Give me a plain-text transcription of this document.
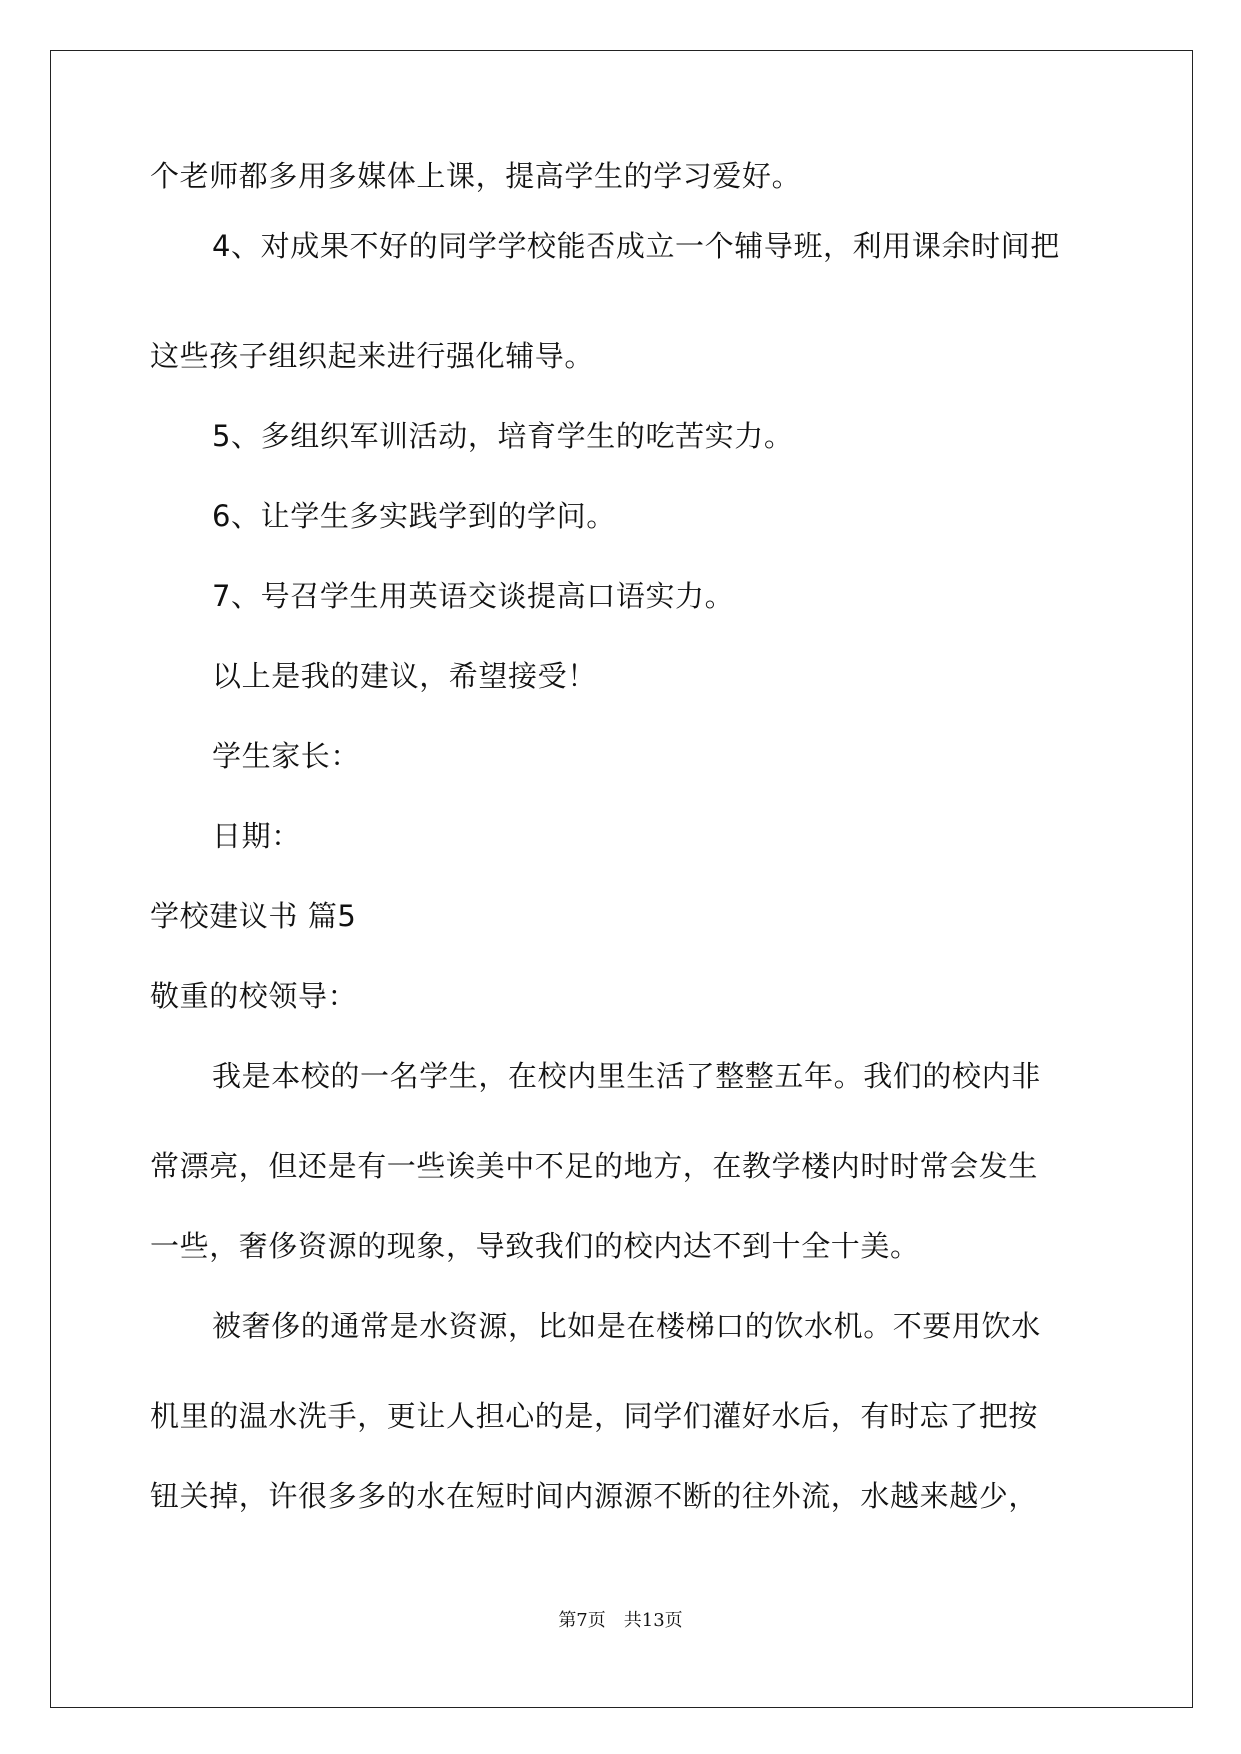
个老师都多用多媒体上课，提高学生的学习爱好。
4、对成果不好的同学学校能否成立一个辅导班，利用课余时间把
这些孩子组织起来进行强化辅导。
5、多组织军训活动，培育学生的吃苦实力。
6、让学生多实践学到的学问。
7、号召学生用英语交谈提高口语实力。
以上是我的建议，希望接受！
学生家长：
日期：
学校建议书 篇5
敬重的校领导：
我是本校的一名学生，在校内里生活了整整五年。我们的校内非
常漂亮，但还是有一些诶美中不足的地方，在教学楼内时时常会发生
一些，奢侈资源的现象，导致我们的校内达不到十全十美。
被奢侈的通常是水资源，比如是在楼梯口的饮水机。不要用饮水
机里的温水洗手，更让人担心的是，同学们灌好水后，有时忘了把按
钮关掉，许很多多的水在短时间内源源不断的往外流，水越来越少，
第7页 共13页
